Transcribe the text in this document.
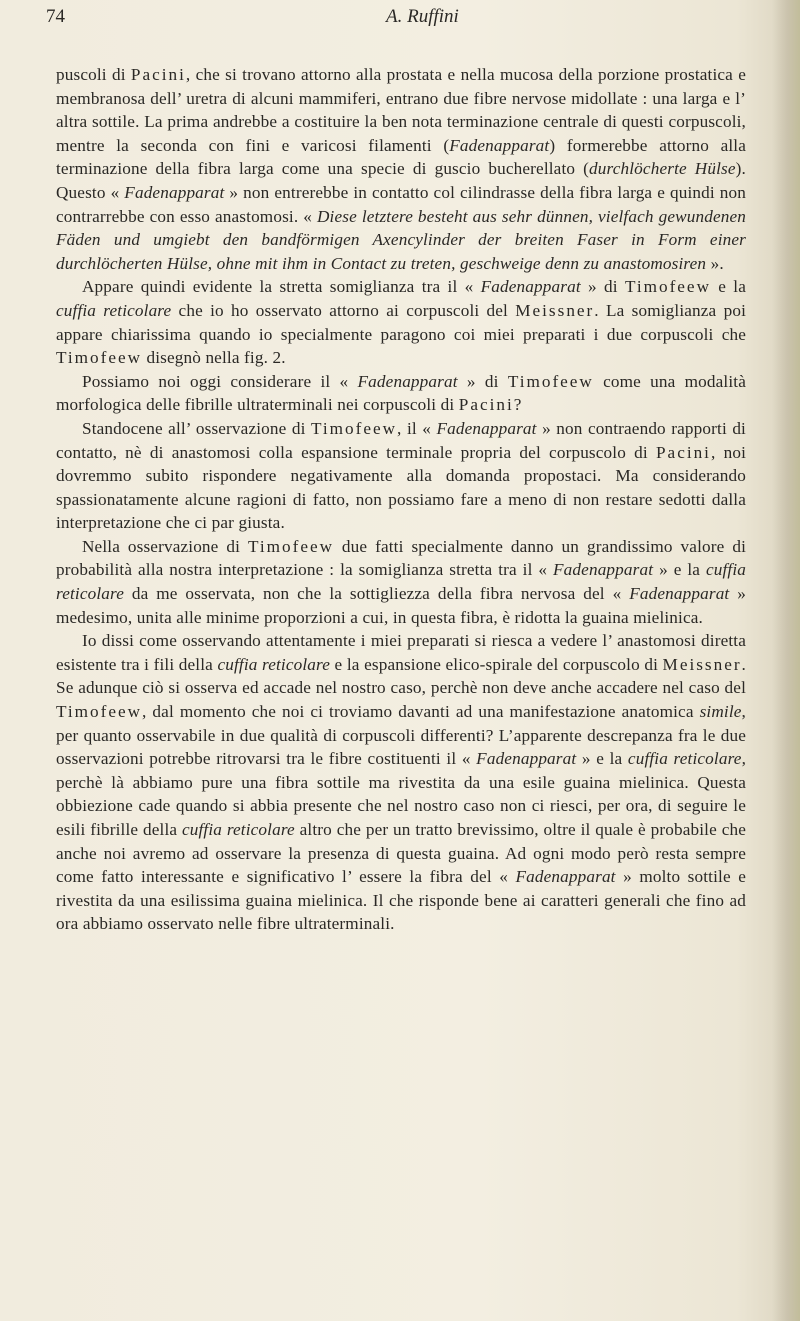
74	A. Ruffini

puscoli di Pacini, che si trovano attorno alla prostata e nella mucosa della porzione prostatica e membranosa dell’ uretra di alcuni mammiferi, entrano due fibre nervose midollate : una larga e l’ altra sottile. La prima andrebbe a costituire la ben nota terminazione centrale di questi corpuscoli, mentre la seconda con fini e varicosi filamenti (Fadenapparat) formerebbe attorno alla terminazione della fibra larga come una specie di guscio bucherellato (durchlöcherte Hülse). Questo « Fadenapparat » non entrerebbe in contatto col cilindrasse della fibra larga e quindi non contrarrebbe con esso anastomosi. « Diese letztere besteht aus sehr dünnen, vielfach gewundenen Fäden und umgiebt den bandförmigen Axencylinder der breiten Faser in Form einer durchlöcherten Hülse, ohne mit ihm in Contact zu treten, geschweige denn zu anastomosiren ».

Appare quindi evidente la stretta somiglianza tra il « Fadenapparat » di Timofeew e la cuffia reticolare che io ho osservato attorno ai corpuscoli del Meissner. La somiglianza poi appare chiarissima quando io specialmente paragono coi miei preparati i due corpuscoli che Timofeew disegnò nella fig. 2.

Possiamo noi oggi considerare il « Fadenapparat » di Timofeew come una modalità morfologica delle fibrille ultraterminali nei corpuscoli di Pacini?

Standocene all’ osservazione di Timofeew, il « Fadenapparat » non contraendo rapporti di contatto, nè di anastomosi colla espansione terminale propria del corpuscolo di Pacini, noi dovremmo subito rispondere negativamente alla domanda propostaci. Ma considerando spassionatamente alcune ragioni di fatto, non possiamo fare a meno di non restare sedotti dalla interpretazione che ci par giusta.

Nella osservazione di Timofeew due fatti specialmente danno un grandissimo valore di probabilità alla nostra interpretazione : la somiglianza stretta tra il « Fadenapparat » e la cuffia reticolare da me osservata, non che la sottigliezza della fibra nervosa del « Fadenapparat » medesimo, unita alle minime proporzioni a cui, in questa fibra, è ridotta la guaina mielinica.

Io dissi come osservando attentamente i miei preparati si riesca a vedere l’ anastomosi diretta esistente tra i fili della cuffia reticolare e la espansione elico-spirale del corpuscolo di Meissner. Se adunque ciò si osserva ed accade nel nostro caso, perchè non deve anche accadere nel caso del Timofeew, dal momento che noi ci troviamo davanti ad una manifestazione anatomica simile, per quanto osservabile in due qualità di corpuscoli differenti? L’apparente descrepanza fra le due osservazioni potrebbe ritrovarsi tra le fibre costituenti il « Fadenapparat » e la cuffia reticolare, perchè là abbiamo pure una fibra sottile ma rivestita da una esile guaina mielinica. Questa obbiezione cade quando si abbia presente che nel nostro caso non ci riesci, per ora, di seguire le esili fibrille della cuffia reticolare altro che per un tratto brevissimo, oltre il quale è probabile che anche noi avremo ad osservare la presenza di questa guaina. Ad ogni modo però resta sempre come fatto interessante e significativo l’ essere la fibra del « Fadenapparat » molto sottile e rivestita da una esilissima guaina mielinica. Il che risponde bene ai caratteri generali che fino ad ora abbiamo osservato nelle fibre ultraterminali.
